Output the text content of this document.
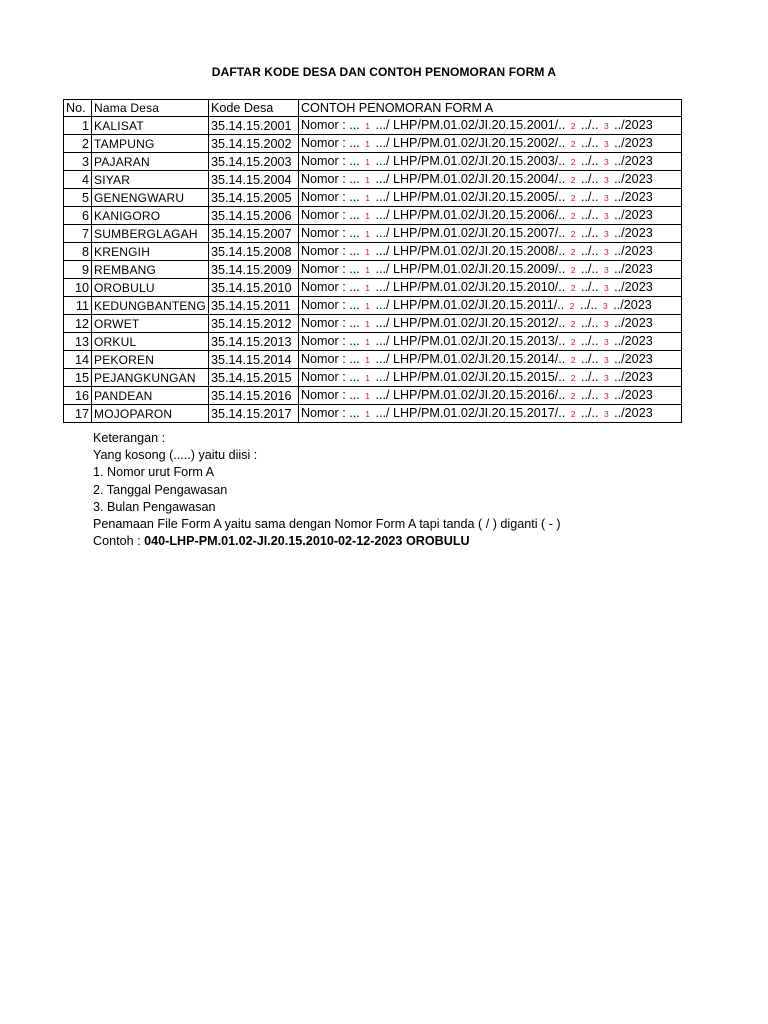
DAFTAR KODE DESA DAN CONTOH PENOMORAN FORM A
No.	Nama Desa	Kode Desa	CONTOH PENOMORAN FORM A
1	KALISAT	35.14.15.2001	Nomor : ... 1 .../ LHP/PM.01.02/JI.20.15.2001/.. 2 ../.. 3 ../2023
2	TAMPUNG	35.14.15.2002	Nomor : ... 1 .../ LHP/PM.01.02/JI.20.15.2002/.. 2 ../.. 3 ../2023
3	PAJARAN	35.14.15.2003	Nomor : ... 1 .../ LHP/PM.01.02/JI.20.15.2003/.. 2 ../.. 3 ../2023
4	SIYAR	35.14.15.2004	Nomor : ... 1 .../ LHP/PM.01.02/JI.20.15.2004/.. 2 ../.. 3 ../2023
5	GENENGWARU	35.14.15.2005	Nomor : ... 1 .../ LHP/PM.01.02/JI.20.15.2005/.. 2 ../.. 3 ../2023
6	KANIGORO	35.14.15.2006	Nomor : ... 1 .../ LHP/PM.01.02/JI.20.15.2006/.. 2 ../.. 3 ../2023
7	SUMBERGLAGAH	35.14.15.2007	Nomor : ... 1 .../ LHP/PM.01.02/JI.20.15.2007/.. 2 ../.. 3 ../2023
8	KRENGIH	35.14.15.2008	Nomor : ... 1 .../ LHP/PM.01.02/JI.20.15.2008/.. 2 ../.. 3 ../2023
9	REMBANG	35.14.15.2009	Nomor : ... 1 .../ LHP/PM.01.02/JI.20.15.2009/.. 2 ../.. 3 ../2023
10	OROBULU	35.14.15.2010	Nomor : ... 1 .../ LHP/PM.01.02/JI.20.15.2010/.. 2 ../.. 3 ../2023
11	KEDUNGBANTENG	35.14.15.2011	Nomor : ... 1 .../ LHP/PM.01.02/JI.20.15.2011/.. 2 ../.. 3 ../2023
12	ORWET	35.14.15.2012	Nomor : ... 1 .../ LHP/PM.01.02/JI.20.15.2012/.. 2 ../.. 3 ../2023
13	ORKUL	35.14.15.2013	Nomor : ... 1 .../ LHP/PM.01.02/JI.20.15.2013/.. 2 ../.. 3 ../2023
14	PEKOREN	35.14.15.2014	Nomor : ... 1 .../ LHP/PM.01.02/JI.20.15.2014/.. 2 ../.. 3 ../2023
15	PEJANGKUNGAN	35.14.15.2015	Nomor : ... 1 .../ LHP/PM.01.02/JI.20.15.2015/.. 2 ../.. 3 ../2023
16	PANDEAN	35.14.15.2016	Nomor : ... 1 .../ LHP/PM.01.02/JI.20.15.2016/.. 2 ../.. 3 ../2023
17	MOJOPARON	35.14.15.2017	Nomor : ... 1 .../ LHP/PM.01.02/JI.20.15.2017/.. 2 ../.. 3 ../2023
Keterangan :
Yang kosong (.....) yaitu diisi :
1. Nomor urut Form A
2. Tanggal Pengawasan
3. Bulan Pengawasan
Penamaan File Form A yaitu sama dengan Nomor Form A tapi tanda ( / ) diganti ( - )
Contoh : 040-LHP-PM.01.02-JI.20.15.2010-02-12-2023 OROBULU
